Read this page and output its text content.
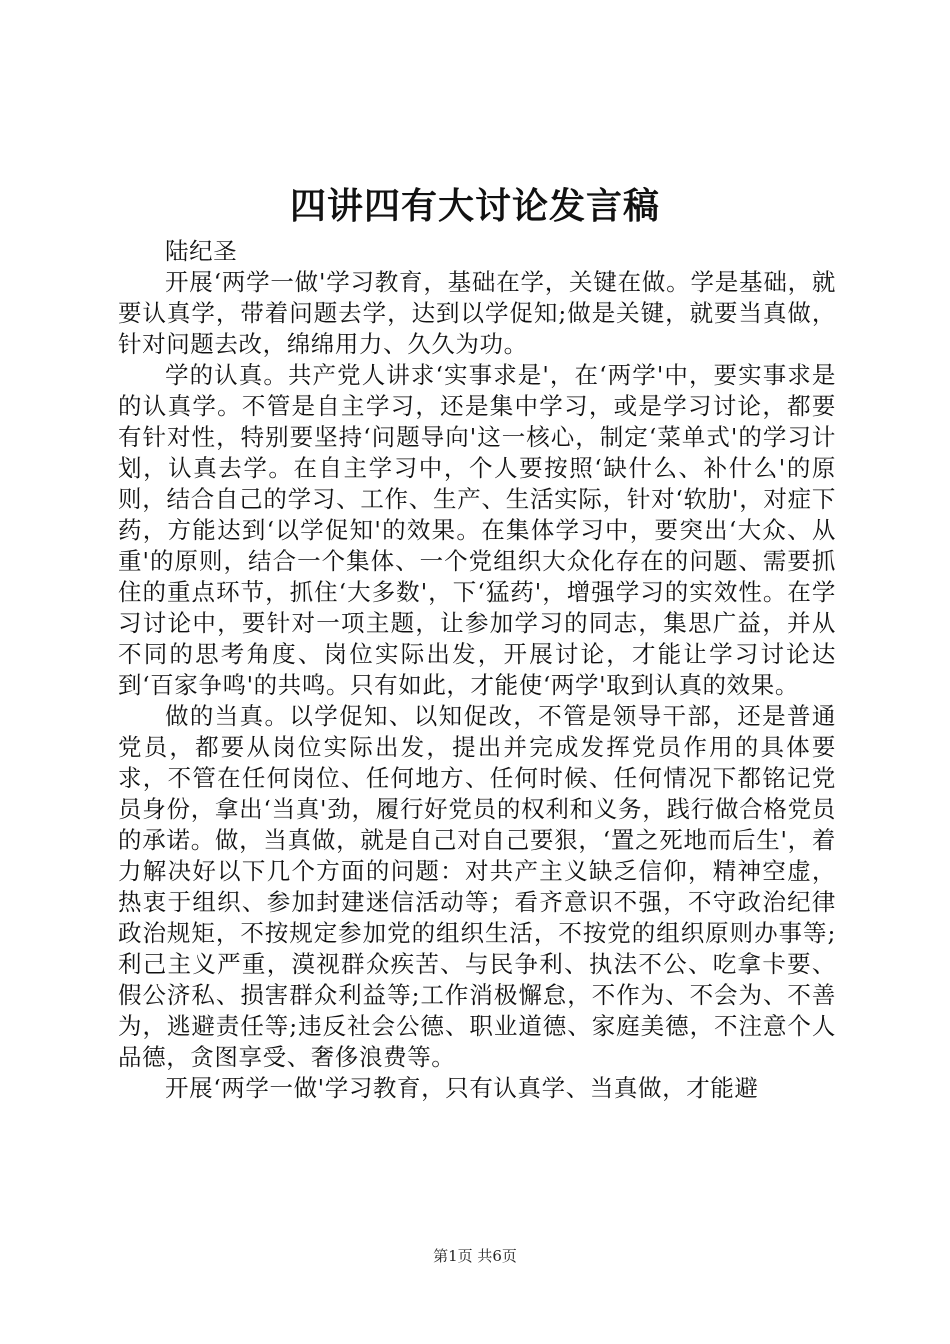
四讲四有大讨论发言稿

陆纪圣

开展‘两学一做'学习教育，基础在学，关键在做。学是基础，就要认真学，带着问题去学，达到以学促知;做是关键，就要当真做，针对问题去改，绵绵用力、久久为功。

学的认真。共产党人讲求‘实事求是'，在‘两学'中，要实事求是的认真学。不管是自主学习，还是集中学习，或是学习讨论，都要有针对性，特别要坚持‘问题导向'这一核心，制定‘菜单式'的学习计划，认真去学。在自主学习中，个人要按照‘缺什么、补什么'的原则，结合自己的学习、工作、生产、生活实际，针对‘软肋'，对症下药，方能达到‘以学促知'的效果。在集体学习中，要突出‘大众、从重'的原则，结合一个集体、一个党组织大众化存在的问题、需要抓住的重点环节，抓住‘大多数'，下‘猛药'，增强学习的实效性。在学习讨论中，要针对一项主题，让参加学习的同志，集思广益，并从不同的思考角度、岗位实际出发，开展讨论，才能让学习讨论达到‘百家争鸣'的共鸣。只有如此，才能使‘两学'取到认真的效果。

做的当真。以学促知、以知促改，不管是领导干部，还是普通党员，都要从岗位实际出发，提出并完成发挥党员作用的具体要求，不管在任何岗位、任何地方、任何时候、任何情况下都铭记党员身份，拿出‘当真'劲，履行好党员的权利和义务，践行做合格党员的承诺。做，当真做，就是自己对自己要狠，‘置之死地而后生'，着力解决好以下几个方面的问题：对共产主义缺乏信仰，精神空虚，热衷于组织、参加封建迷信活动等；看齐意识不强，不守政治纪律政治规矩，不按规定参加党的组织生活，不按党的组织原则办事等;利己主义严重，漠视群众疾苦、与民争利、执法不公、吃拿卡要、假公济私、损害群众利益等;工作消极懈怠，不作为、不会为、不善为，逃避责任等;违反社会公德、职业道德、家庭美德，不注意个人品德，贪图享受、奢侈浪费等。

开展‘两学一做'学习教育，只有认真学、当真做，才能避

第1页 共6页
